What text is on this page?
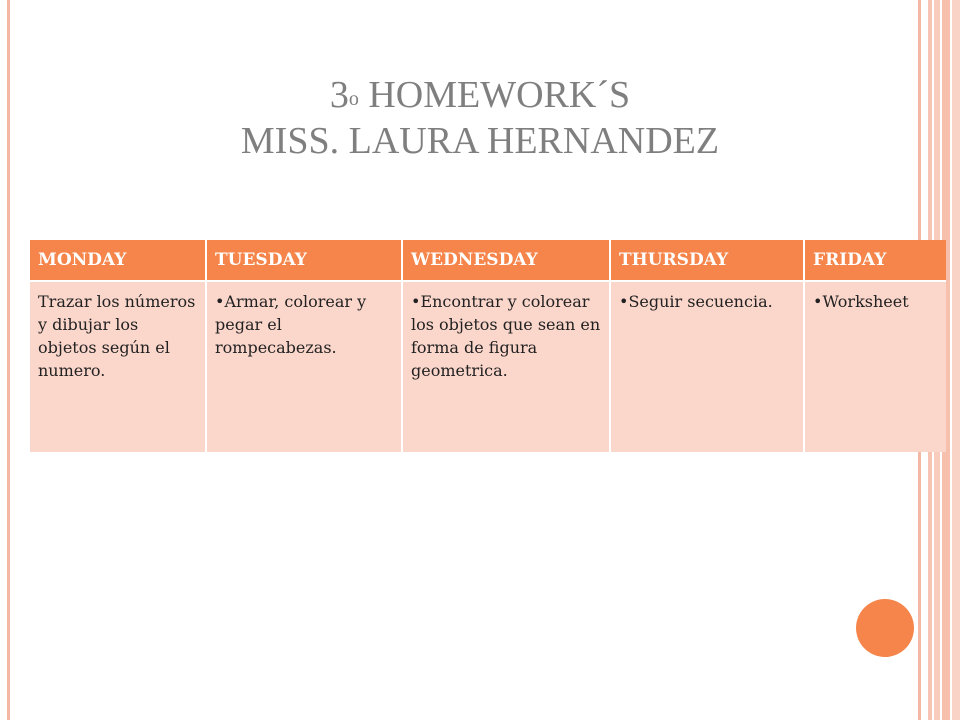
3$^o$ HOMEWORK´S
MISS. LAURA HERNANDEZ
MONDAY	TUESDAY	WEDNESDAY	THURSDAY	FRIDAY
Trazar los números y dibujar los objetos según el numero.	• Armar, colorear y pegar el rompecabezas.	• Encontrar y colorear los objetos que sean en forma de figura geometrica.	• Seguir secuencia.	• Worksheet
